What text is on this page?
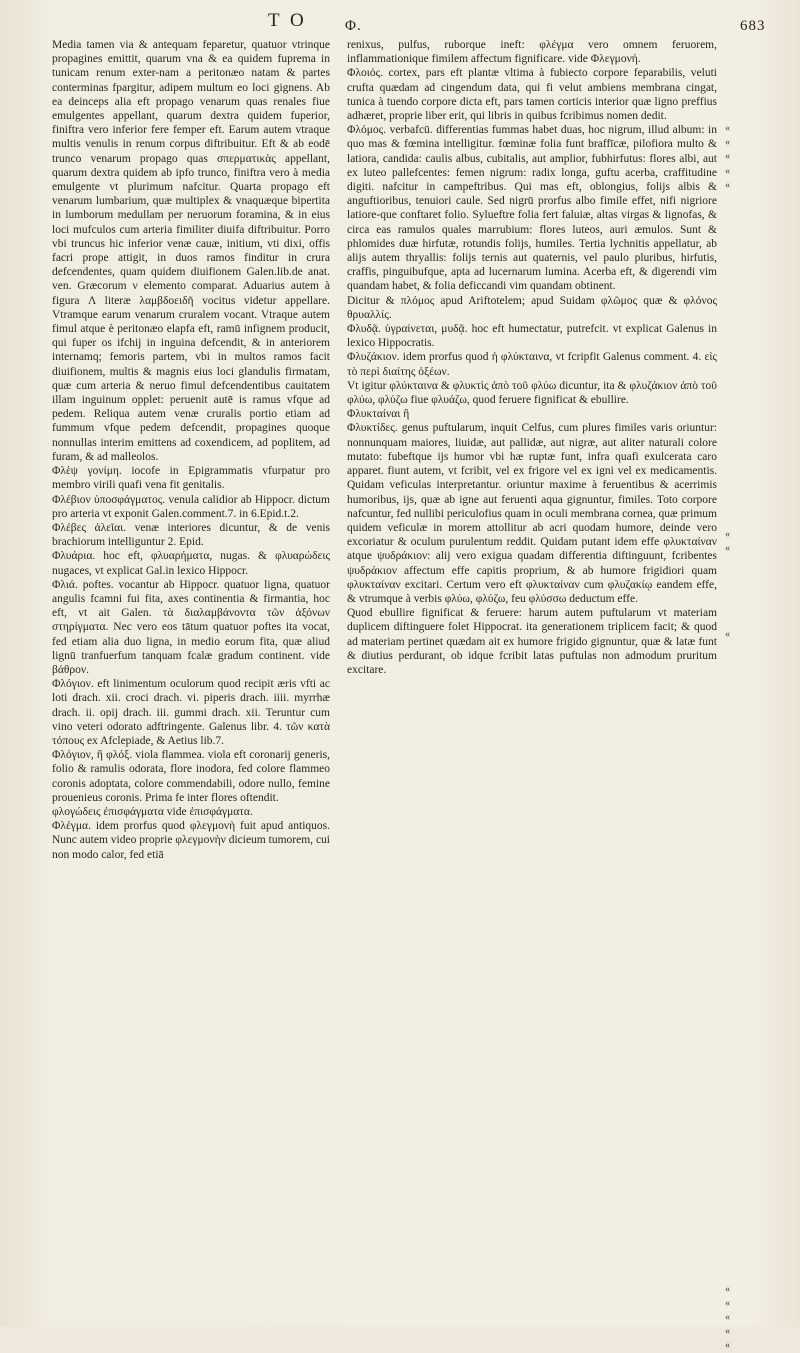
T O	Φ.	683

Media tamen via & antequam feparetur, quatuor vtrinque propagines emittit, quarum vna & ea quidem fuprema in tunicam renum exter-nam a peritonæo natam & partes conterminas fpargitur, adipem multum eo loci gignens. Ab ea deinceps alia eft propago venarum quas renales fiue emulgentes appellant, quarum dextra quidem fuperior, finiftra vero inferior fere femper eft. Earum autem vtraque multis venulis in renum corpus diftribuitur. Eft & ab eodē trunco venarum propago quas σπερματικὰς appellant, quarum dextra quidem ab ipfo trunco, finiftra vero à media emulgente vt plurimum nafcitur. Quarta propago eft venarum lumbarium, quæ multiplex & vnaquæque bipertita in lumborum medullam per neruorum foramina, & in eius loci mufculos cum arteria fimiliter diuifa diftribuitur. Porro vbi truncus hic inferior venæ cauæ, initium, vti dixi, offis facri prope attigit, in duos ramos finditur in crura defcendentes, quam quidem diuifionem Galen.lib.de anat. ven. Græcorum ν elemento comparat. Aduarius autem à figura Λ literæ λαμβδοειδῆ vocitus videtur appellare. Vtramque earum venarum cruralem vocant. Vtraque autem fimul atque è peritonæo elapfa eft, ramū infignem producit, qui fuper os ifchij in inguina defcendit, & in anteriorem internamq; femoris partem, vbi in multos ramos facit diuifionem, multis & magnis eius loci glandulis firmatam, quæ cum arteria & neruo fimul defcendentibus cauitatem illam inguinum opplet: peruenit autē is ramus vfque ad pedem. Reliqua autem venæ cruralis portio etiam ad fummum vfque pedem defcendit, propagines quoque nonnullas interim emittens ad coxendicem, ad poplitem, ad furam, & ad malleolos.

Φλὲψ γονίμη. iocofe in Epigrammatis vfurpatur pro membro virili quafi vena fit genitalis.

Φλέβιον ὑποσφάγματος. venula calidior ab Hippocr. dictum pro arteria vt exponit Galen.comment.7. in 6.Epid.t.2.

Φλέβες ἀλεῖαι. venæ interiores dicuntur, & de venis brachiorum intelliguntur 2. Epid.

Φλυάρια. hoc eft, φλυαρήματα, nugas. & φλυαρώδεις nugaces, vt explicat Gal.in lexico Hippocr.

Φλιά. poftes. vocantur ab Hippocr. quatuor ligna, quatuor angulis fcamni fui fita, axes continentia & firmantia, hoc eft, vt ait Galen. τὰ διαλαμβάνοντα τῶν ἀξόνων στηρίγματα. Nec vero eos tātum quatuor poftes ita vocat, fed etiam alia duo ligna, in medio eorum fita, quæ aliud lignū tranfuerfum tanquam fcalæ gradum continent. vide βάθρον.

Φλόγιον. eft linimentum oculorum quod recipit æris vfti ac loti drach. xii. croci drach. vi. piperis drach. iiii. myrrhæ drach. ii. opij drach. iii. gummi drach. xii. Teruntur cum vino veteri odorato adftringente. Galenus libr. 4. τῶν κατὰ τόπους ex Afclepiade, & Aetius lib.7.

Φλόγιον, ἢ φλόξ. viola flammea. viola eft coronarij generis, folio & ramulis odorata, flore inodora, fed colore flammeo coronis adoptata, colore commendabili, odore nullo, femine prouenieus coronis. Prima fe inter flores oftendit.

φλογώδεις ἐπισφάγματα vide ἐπισφάγματα.

Φλέγμα. idem prorfus quod φλεγμονὴ fuit apud antiquos. Nunc autem video proprie φλεγμονὴν dicieum tumorem, cui non modo calor, fed etiā

renixus, pulfus, ruborque ineft: φλέγμα vero omnem feruorem, inflammationique fimilem affectum fignificare. vide Φλεγμονή.

Φλοιός. cortex, pars eft plantæ vltima à fubiecto corpore feparabilis, veluti crufta quædam ad cingendum data, qui fi velut ambiens membrana cingat, tunica à tuendo corpore dicta eft, pars tamen corticis interior quæ ligno preffius adhæret, proprie liber erit, qui libris in quibus fcribimus nomen dedit.

Φλόμος. verbafcū. differentias fummas habet duas, hoc nigrum, illud album: in quo mas & fœmina intelligitur. fœminæ folia funt braffīcæ, pilofiora multo & latiora, candida: caulis albus, cubitalis, aut amplior, fubhirfutus: flores albi, aut ex luteo pallefcentes: femen nigrum: radix longa, guftu acerba, craffitudine digiti. nafcitur in campeftribus. Qui mas eft, oblongius, folijs albis & anguftioribus, tenuiori caule. Sed nigrū prorfus albo fimile effet, nifi nigriore latiore-que conftaret folio. Sylueftre folia fert faluiæ, altas virgas & lignofas, & circa eas ramulos quales marrubium: flores luteos, auri æmulos. Sunt & phlomides duæ hirfutæ, rotundis folijs, humiles. Tertia lychnitis appellatur, ab alijs autem thryallis: folijs ternis aut quaternis, vel paulo pluribus, hirfutis, craffis, pinguibufque, apta ad lucernarum lumina. Acerba eft, & digerendi vim quandam habet, & folia deficcandi vim quandam obtinent.

Dicitur & πλόμος apud Ariftotelem; apud Suidam φλῶμος quæ & φλόνος θρυαλλίς.

Φλυδᾷ. ὑγραίνεται, μυδᾷ. hoc eft humectatur, putrefcit. vt explicat Galenus in lexico Hippocratis.

Φλυζάκιον. idem prorfus quod ἡ φλύκταινα, vt fcripfit Galenus comment. 4. εἰς τὸ περὶ διαίτης ὀξέων.

Vt igitur φλύκταινα & φλυκτὶς ἀπὸ τοῦ φλύω dicuntur, ita & φλυζάκιον ἀπὸ τοῦ φλύω, φλύζω fiue φλυάζω, quod feruere fignificat & ebullire.

Φλυκταίναι ἢ

Φλυκτίδες. genus puftularum, inquit Celfus, cum plures fimiles varis oriuntur: nonnunquam maiores, liuidæ, aut pallidæ, aut nigræ, aut aliter naturali colore mutato: fubeftque ijs humor vbi hæ ruptæ funt, infra quafi exulcerata caro apparet. fiunt autem, vt fcribit, vel ex frigore vel ex igni vel ex medicamentis. Quidam veficulas interpretantur. oriuntur maxime à feruentibus & acerrimis humoribus, ijs, quæ ab igne aut feruenti aqua gignuntur, fimiles. Toto corpore nafcuntur, fed nullibi periculofius quam in oculi membrana cornea, quæ primum quidem veficulæ in morem attollitur ab acri quodam humore, deinde vero excoriatur & oculum purulentum reddit. Quidam putant idem effe φλυκταίναν atque ψυδράκιον: alij vero exigua quadam differentia diftinguunt, fcribentes ψυδράκιον affectum effe capitis proprium, & ab humore frigidiori quam φλυκταίναν excitari. Certum vero eft φλυκταίναν cum φλυζακίῳ eandem effe, & vtrumque à verbis φλύω, φλύζω, feu φλύσσω deductum effe.

Quod ebullire fignificat & feruere: harum autem puftularum vt materiam duplicem diftinguere folet Hippocrat. ita generationem triplicem facit; & quod ad materiam pertinet quædam ait ex humore frigido gignuntur, quæ & latæ funt & diutius perdurant, ob idque fcribit latas puftulas non admodum pruritum excitare.

«
«
«
«
«
«
«
«
«
«
«
«
«
